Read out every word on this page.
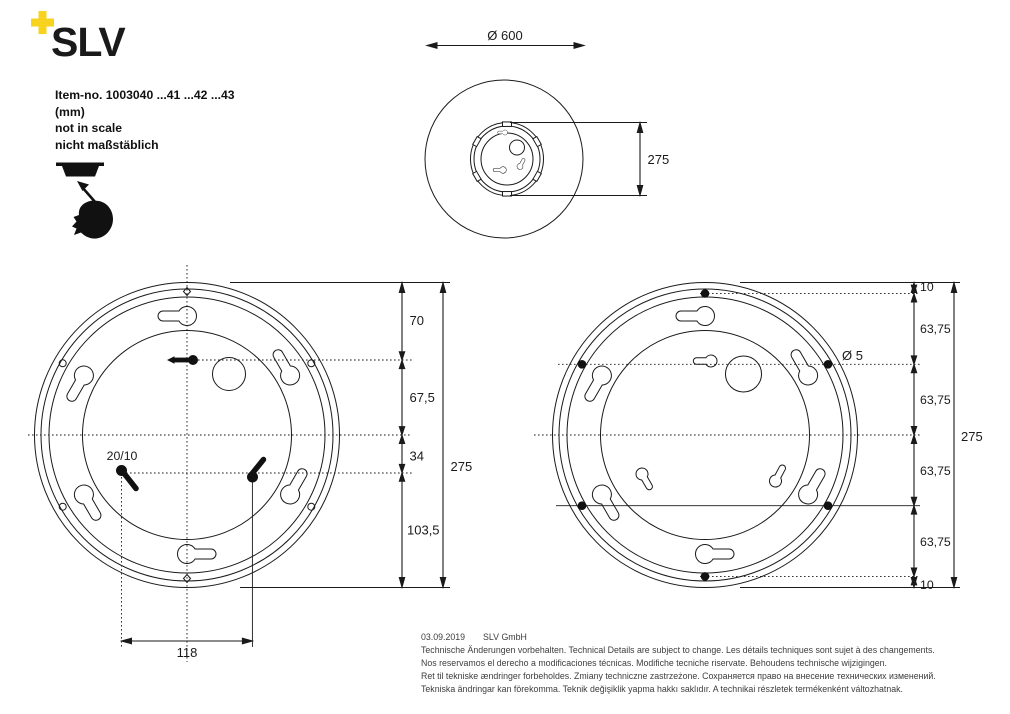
SLV
Item-no. 1003040 ...41 ...42 ...43
(mm)
not in scale
nicht maßstäblich
Ø 600
275
70
67,5
34
103,5
275
118
20/10
10
63,75
63,75
63,75
63,75
10
275
Ø 5
03.09.2019 SLV GmbH
Technische Änderungen vorbehalten. Technical Details are subject to change. Les détails techniques sont sujet à des changements.
Nos reservamos el derecho a modificaciones técnicas. Modifiche tecniche riservate. Behoudens technische wijzigingen.
Ret til tekniske ændringer forbeholdes. Zmiany techniczne zastrzeżone. Сохраняется право на внесение технических изменений.
Tekniska ändringar kan förekomma. Teknik değişiklik yapma hakkı saklıdır. A technikai részletek termékenként változhatnak.
